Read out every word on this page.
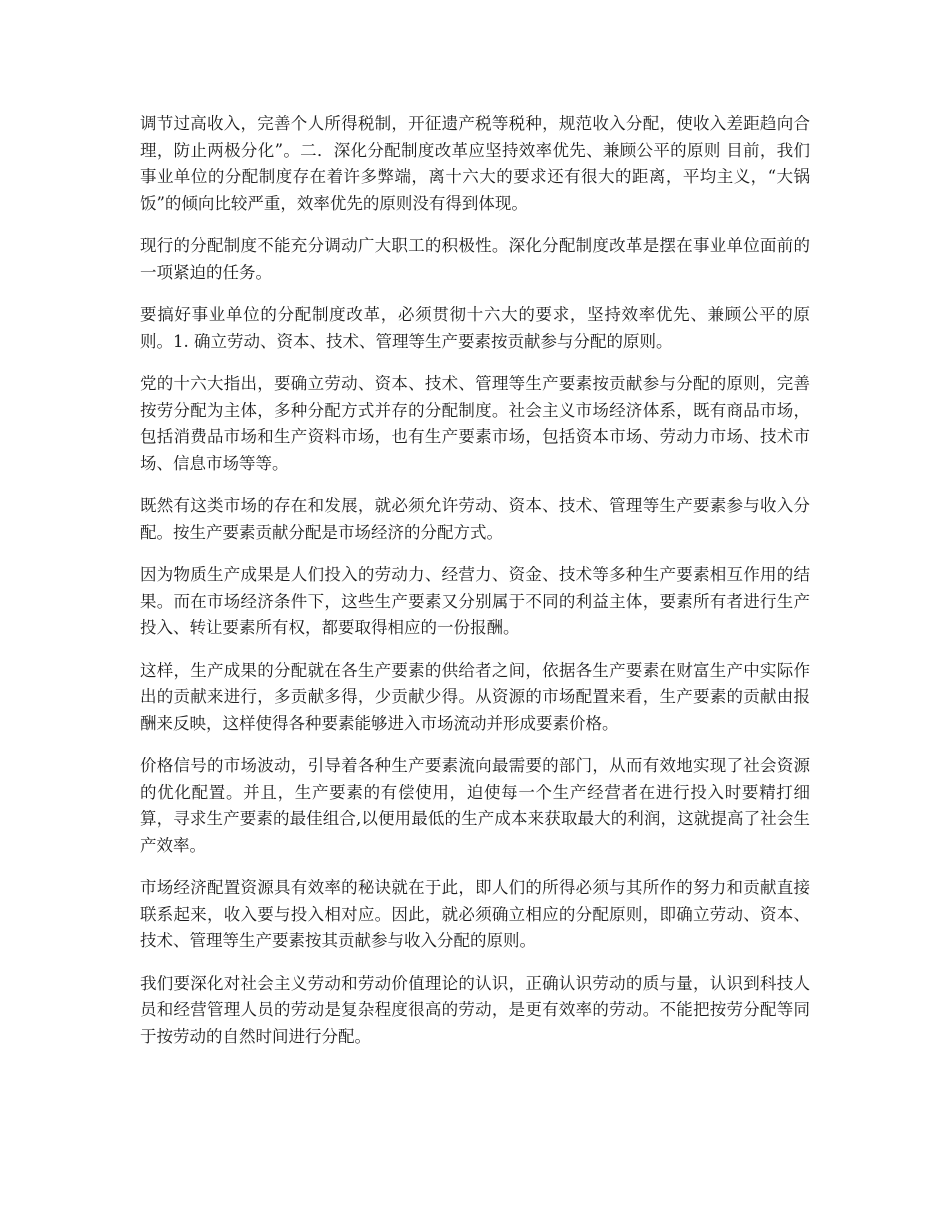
调节过高收入，完善个人所得税制，开征遗产税等税种，规范收入分配，使收入差距趋向合理，防止两极分化”。二．深化分配制度改革应坚持效率优先、兼顾公平的原则 目前，我们事业单位的分配制度存在着许多弊端，离十六大的要求还有很大的距离，平均主义，“大锅饭”的倾向比较严重，效率优先的原则没有得到体现。

现行的分配制度不能充分调动广大职工的积极性。深化分配制度改革是摆在事业单位面前的一项紧迫的任务。

要搞好事业单位的分配制度改革，必须贯彻十六大的要求，坚持效率优先、兼顾公平的原则。1. 确立劳动、资本、技术、管理等生产要素按贡献参与分配的原则。

党的十六大指出，要确立劳动、资本、技术、管理等生产要素按贡献参与分配的原则，完善按劳分配为主体，多种分配方式并存的分配制度。社会主义市场经济体系，既有商品市场，包括消费品市场和生产资料市场，也有生产要素市场，包括资本市场、劳动力市场、技术市场、信息市场等等。

既然有这类市场的存在和发展，就必须允许劳动、资本、技术、管理等生产要素参与收入分配。按生产要素贡献分配是市场经济的分配方式。

因为物质生产成果是人们投入的劳动力、经营力、资金、技术等多种生产要素相互作用的结果。而在市场经济条件下，这些生产要素又分别属于不同的利益主体，要素所有者进行生产投入、转让要素所有权，都要取得相应的一份报酬。

这样，生产成果的分配就在各生产要素的供给者之间，依据各生产要素在财富生产中实际作出的贡献来进行，多贡献多得，少贡献少得。从资源的市场配置来看，生产要素的贡献由报酬来反映，这样使得各种要素能够进入市场流动并形成要素价格。

价格信号的市场波动，引导着各种生产要素流向最需要的部门，从而有效地实现了社会资源的优化配置。并且，生产要素的有偿使用，迫使每一个生产经营者在进行投入时要精打细算，寻求生产要素的最佳组合,以便用最低的生产成本来获取最大的利润，这就提高了社会生产效率。

市场经济配置资源具有效率的秘诀就在于此，即人们的所得必须与其所作的努力和贡献直接联系起来，收入要与投入相对应。因此，就必须确立相应的分配原则，即确立劳动、资本、技术、管理等生产要素按其贡献参与收入分配的原则。

我们要深化对社会主义劳动和劳动价值理论的认识，正确认识劳动的质与量，认识到科技人员和经营管理人员的劳动是复杂程度很高的劳动，是更有效率的劳动。不能把按劳分配等同于按劳动的自然时间进行分配。
